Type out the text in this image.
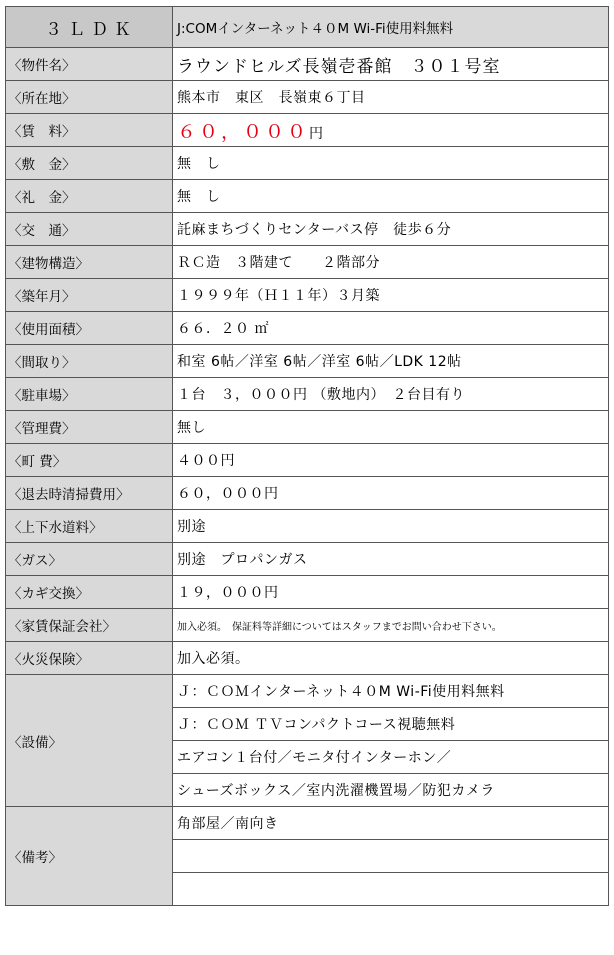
３ＬＤＫ	J:COMインターネット４０M Wi-Fi使用料無料
〈物件名〉	ラウンドヒルズ長嶺壱番館　３０１号室
〈所在地〉	熊本市　東区　長嶺東６丁目
〈賃　料〉	６０，０００円
〈敷　金〉	無　し
〈礼　金〉	無　し
〈交　通〉	託麻まちづくりセンターバス停　徒歩６分
〈建物構造〉	ＲＣ造　３階建て　　２階部分
〈築年月〉	１９９９年（Ｈ１１年）３月築
〈使用面積〉	６６．２０ ㎡
〈間取り〉	和室 6帖／洋室 6帖／洋室 6帖／LDK 12帖
〈駐車場〉	１台　３，０００円 （敷地内）　２台目有り
〈管理費〉	無し
〈町 費〉	４００円
〈退去時清掃費用〉	６０，０００円
〈上下水道料〉	別途
〈ガス〉	別途　プロパンガス
〈カギ交換〉	１９，０００円
〈家賃保証会社〉	加入必須。　保証料等詳細についてはスタッフまでお問い合わせ下さい。
〈火災保険〉	加入必須。
〈設備〉	Ｊ：ＣＯＭインターネット４０M Wi-Fi使用料無料
	Ｊ：ＣＯＭ ＴＶコンパクトコース視聴無料
	エアコン１台付／モニタ付インターホン／
	シューズボックス／室内洗濯機置場／防犯カメラ
〈備考〉	角部屋／南向き
